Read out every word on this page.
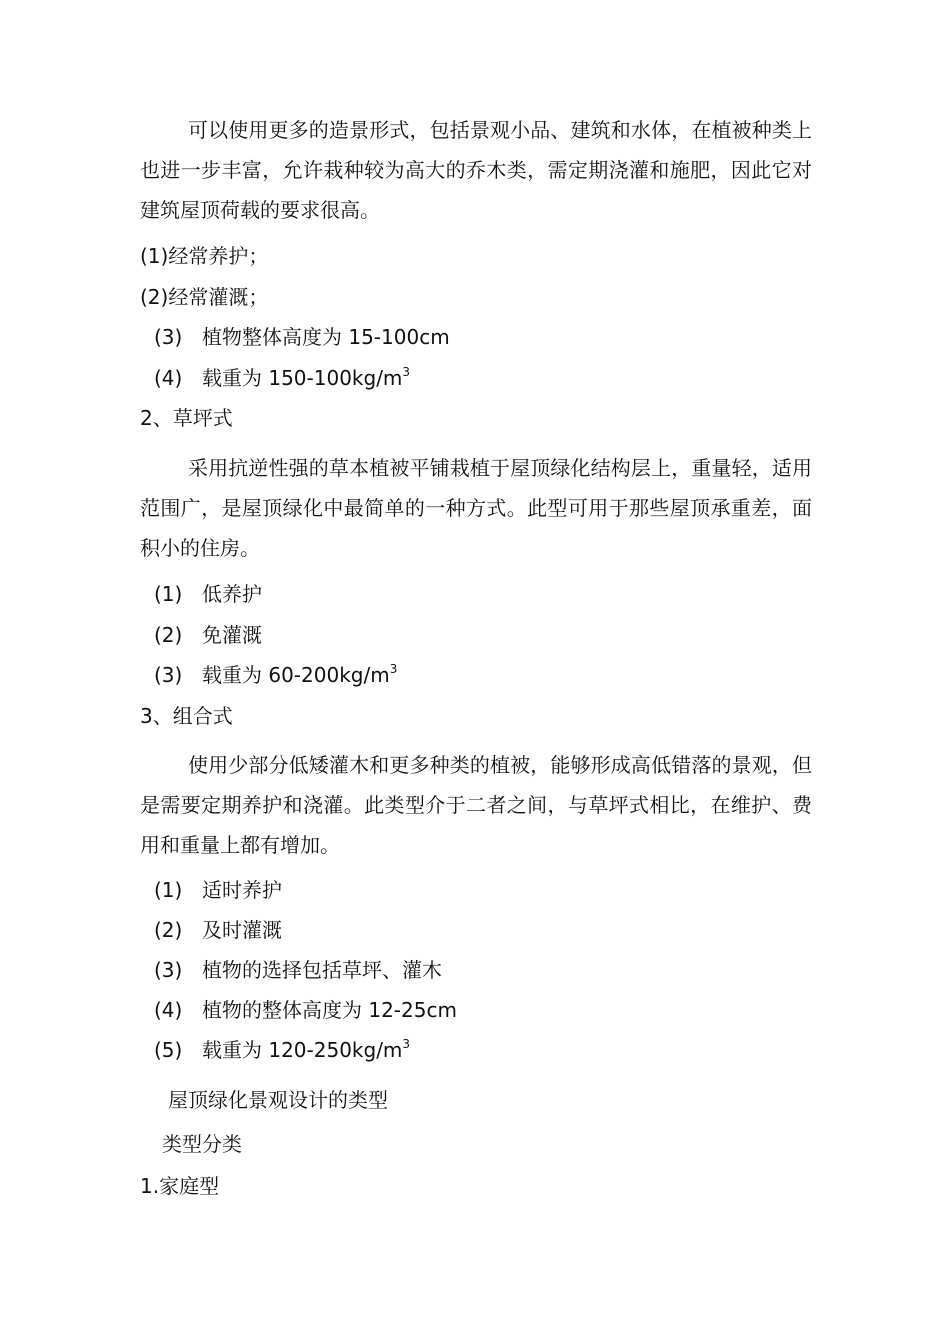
可以使用更多的造景形式，包括景观小品、建筑和水体，在植被种类上也进一步丰富，允许栽种较为高大的乔木类，需定期浇灌和施肥，因此它对建筑屋顶荷载的要求很高。

(1)经常养护；
(2)经常灌溉；
(3) 植物整体高度为 15-100cm
(4) 载重为 $150-100kg/m^3$
2、草坪式

采用抗逆性强的草本植被平铺栽植于屋顶绿化结构层上，重量轻，适用范围广，是屋顶绿化中最简单的一种方式。此型可用于那些屋顶承重差，面积小的住房。

(1) 低养护
(2) 免灌溉
(3) 载重为 $60-200kg/m^3$
3、组合式

使用少部分低矮灌木和更多种类的植被，能够形成高低错落的景观，但是需要定期养护和浇灌。此类型介于二者之间，与草坪式相比，在维护、费用和重量上都有增加。

(1) 适时养护
(2) 及时灌溉
(3) 植物的选择包括草坪、灌木
(4) 植物的整体高度为 12-25cm
(5) 载重为 $120-250kg/m^3$
屋顶绿化景观设计的类型
类型分类
1.家庭型
